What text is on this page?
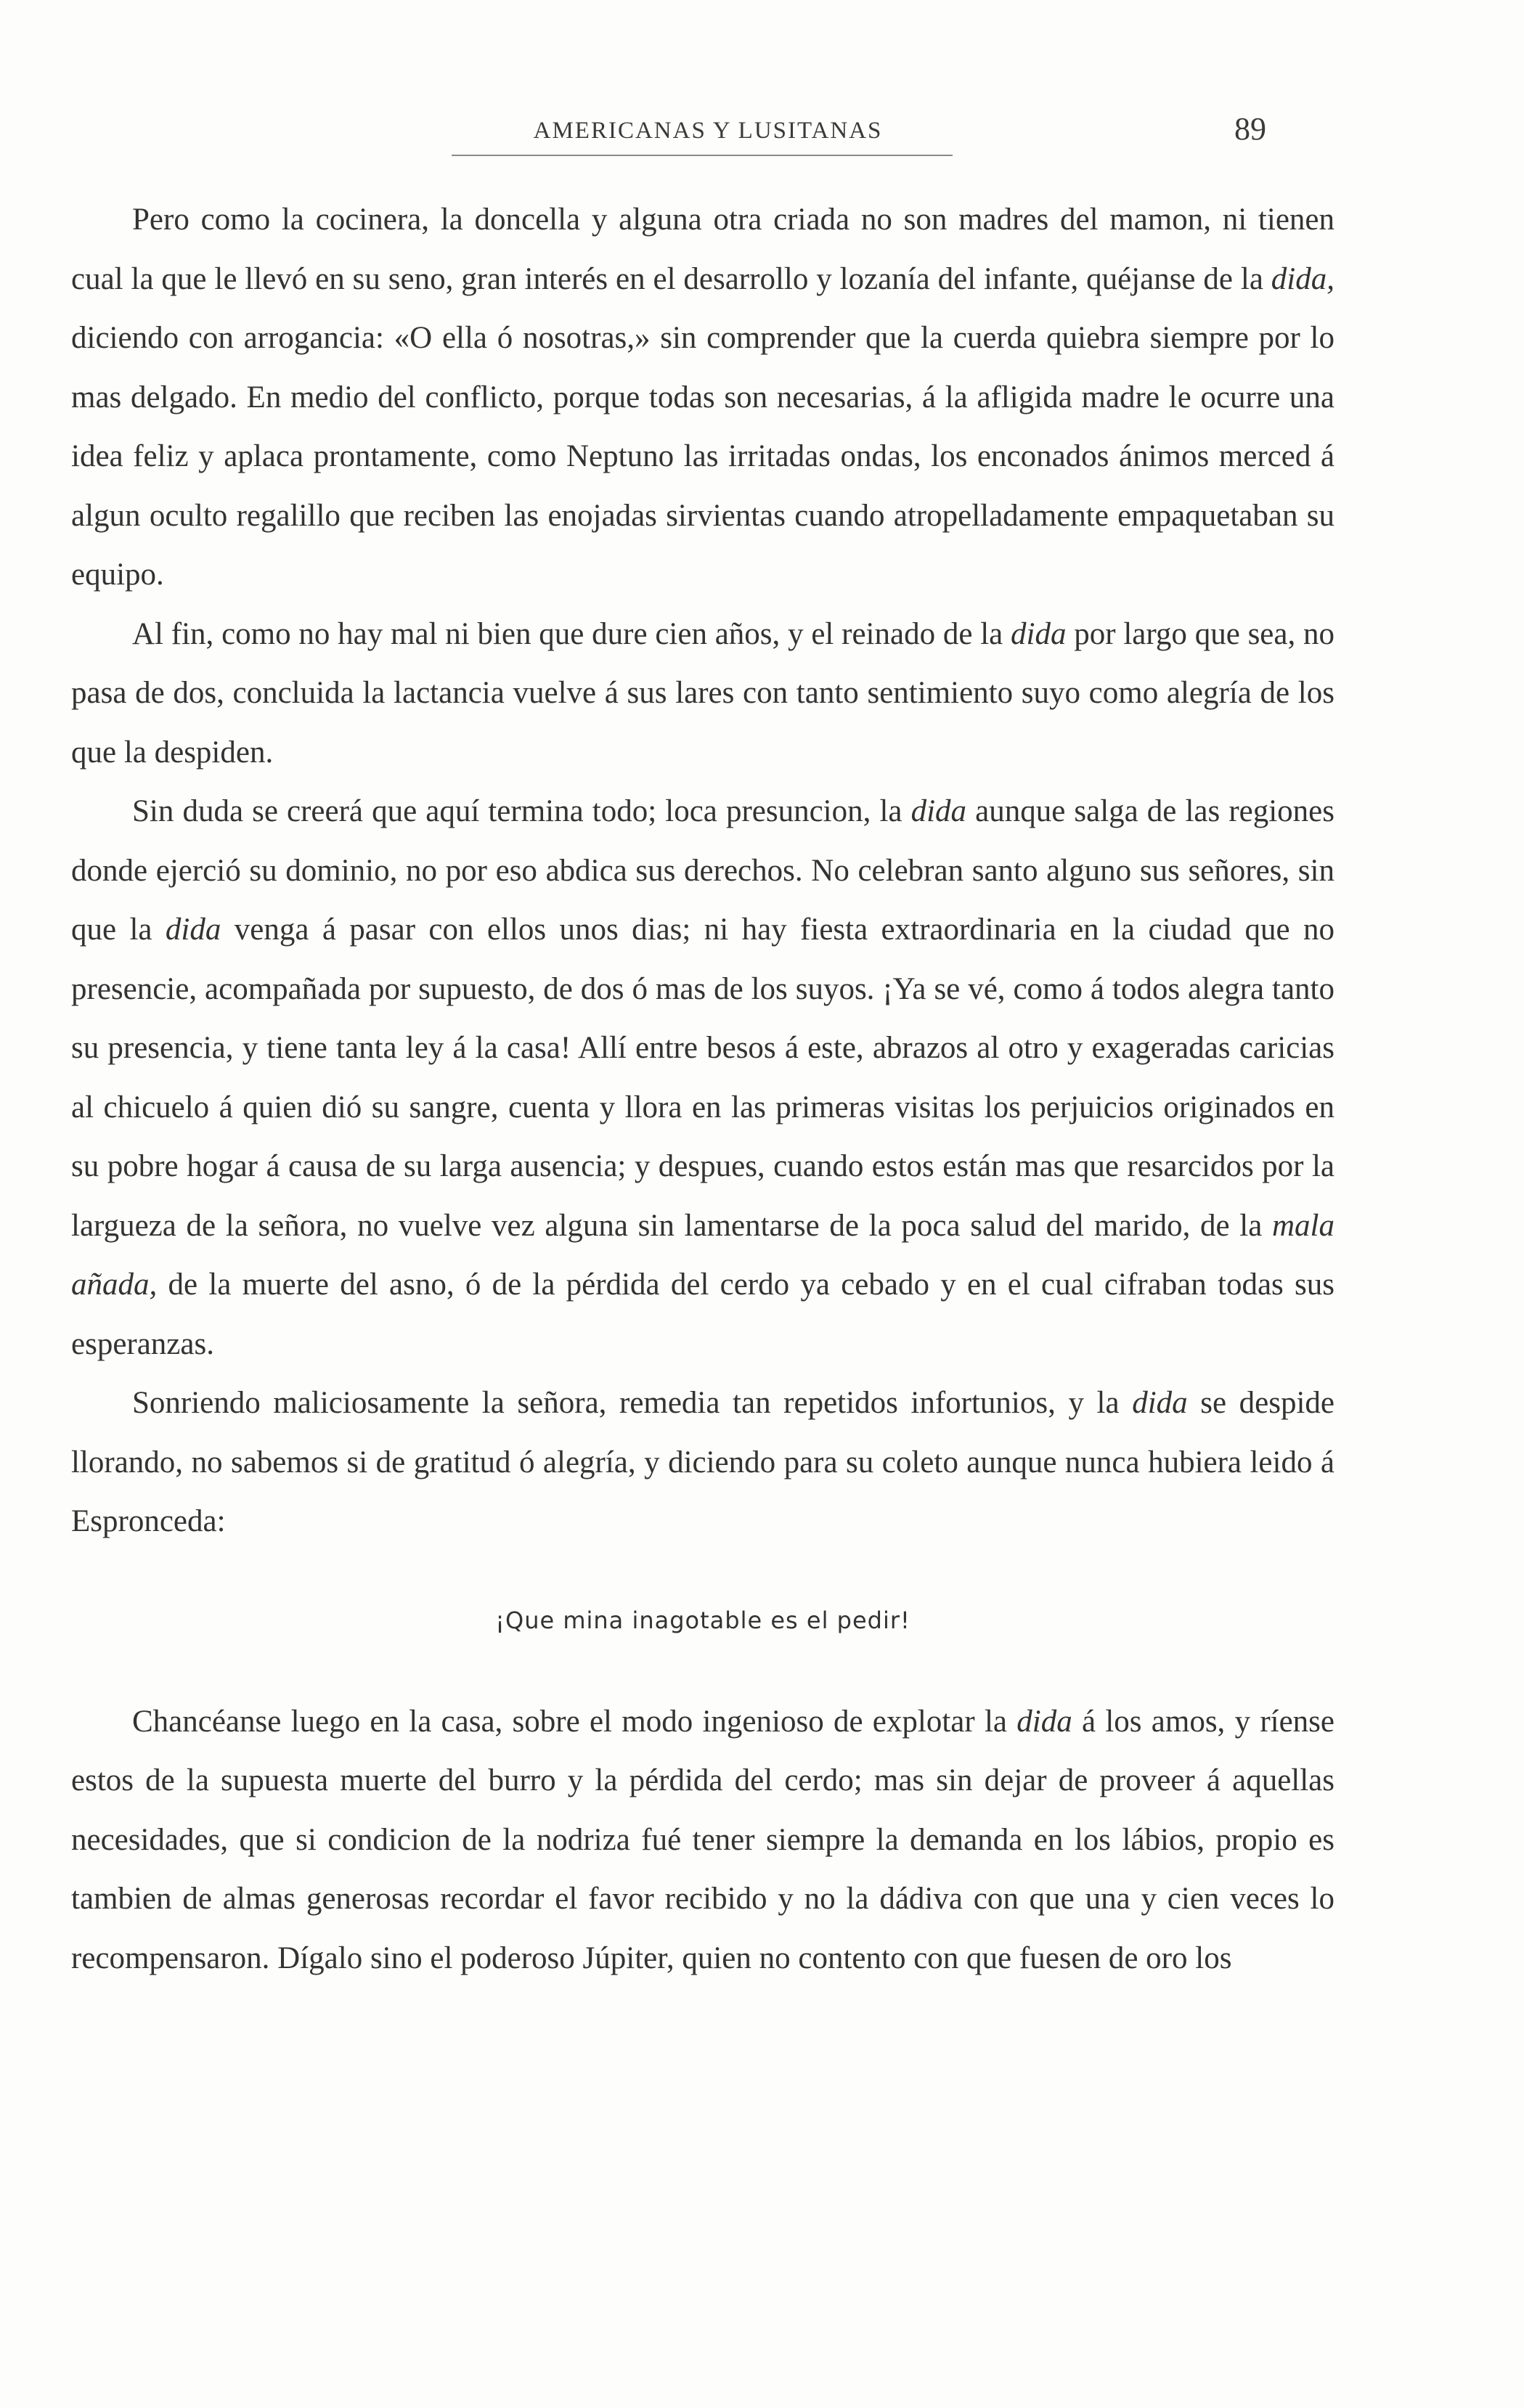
AMERICANAS Y LUSITANAS	89

Pero como la cocinera, la doncella y alguna otra criada no son madres del mamon, ni tienen cual la que le llevó en su seno, gran interés en el desarrollo y lozanía del infante, quéjanse de la dida, diciendo con arrogancia: «O ella ó nosotras,» sin comprender que la cuerda quiebra siempre por lo mas delgado. En medio del conflicto, porque todas son necesarias, á la afligida madre le ocurre una idea feliz y aplaca prontamente, como Neptuno las irritadas ondas, los enconados ánimos merced á algun oculto regalillo que reciben las enojadas sirvientas cuando atropelladamente empaquetaban su equipo.

Al fin, como no hay mal ni bien que dure cien años, y el reinado de la dida por largo que sea, no pasa de dos, concluida la lactancia vuelve á sus lares con tanto sentimiento suyo como alegría de los que la despiden.

Sin duda se creerá que aquí termina todo; loca presuncion, la dida aunque salga de las regiones donde ejerció su dominio, no por eso abdica sus derechos. No celebran santo alguno sus señores, sin que la dida venga á pasar con ellos unos dias; ni hay fiesta extraordinaria en la ciudad que no presencie, acompañada por supuesto, de dos ó mas de los suyos. ¡Ya se vé, como á todos alegra tanto su presencia, y tiene tanta ley á la casa! Allí entre besos á este, abrazos al otro y exageradas caricias al chicuelo á quien dió su sangre, cuenta y llora en las primeras visitas los perjuicios originados en su pobre hogar á causa de su larga ausencia; y despues, cuando estos están mas que resarcidos por la largueza de la señora, no vuelve vez alguna sin lamentarse de la poca salud del marido, de la mala añada, de la muerte del asno, ó de la pérdida del cerdo ya cebado y en el cual cifraban todas sus esperanzas.

Sonriendo maliciosamente la señora, remedia tan repetidos infortunios, y la dida se despide llorando, no sabemos si de gratitud ó alegría, y diciendo para su coleto aunque nunca hubiera leido á Espronceda:

¡Que mina inagotable es el pedir!

Chancéanse luego en la casa, sobre el modo ingenioso de explotar la dida á los amos, y ríense estos de la supuesta muerte del burro y la pérdida del cerdo; mas sin dejar de proveer á aquellas necesidades, que si condicion de la nodriza fué tener siempre la demanda en los lábios, propio es tambien de almas generosas recordar el favor recibido y no la dádiva con que una y cien veces lo recompensaron. Dígalo sino el poderoso Júpiter, quien no contento con que fuesen de oro los
